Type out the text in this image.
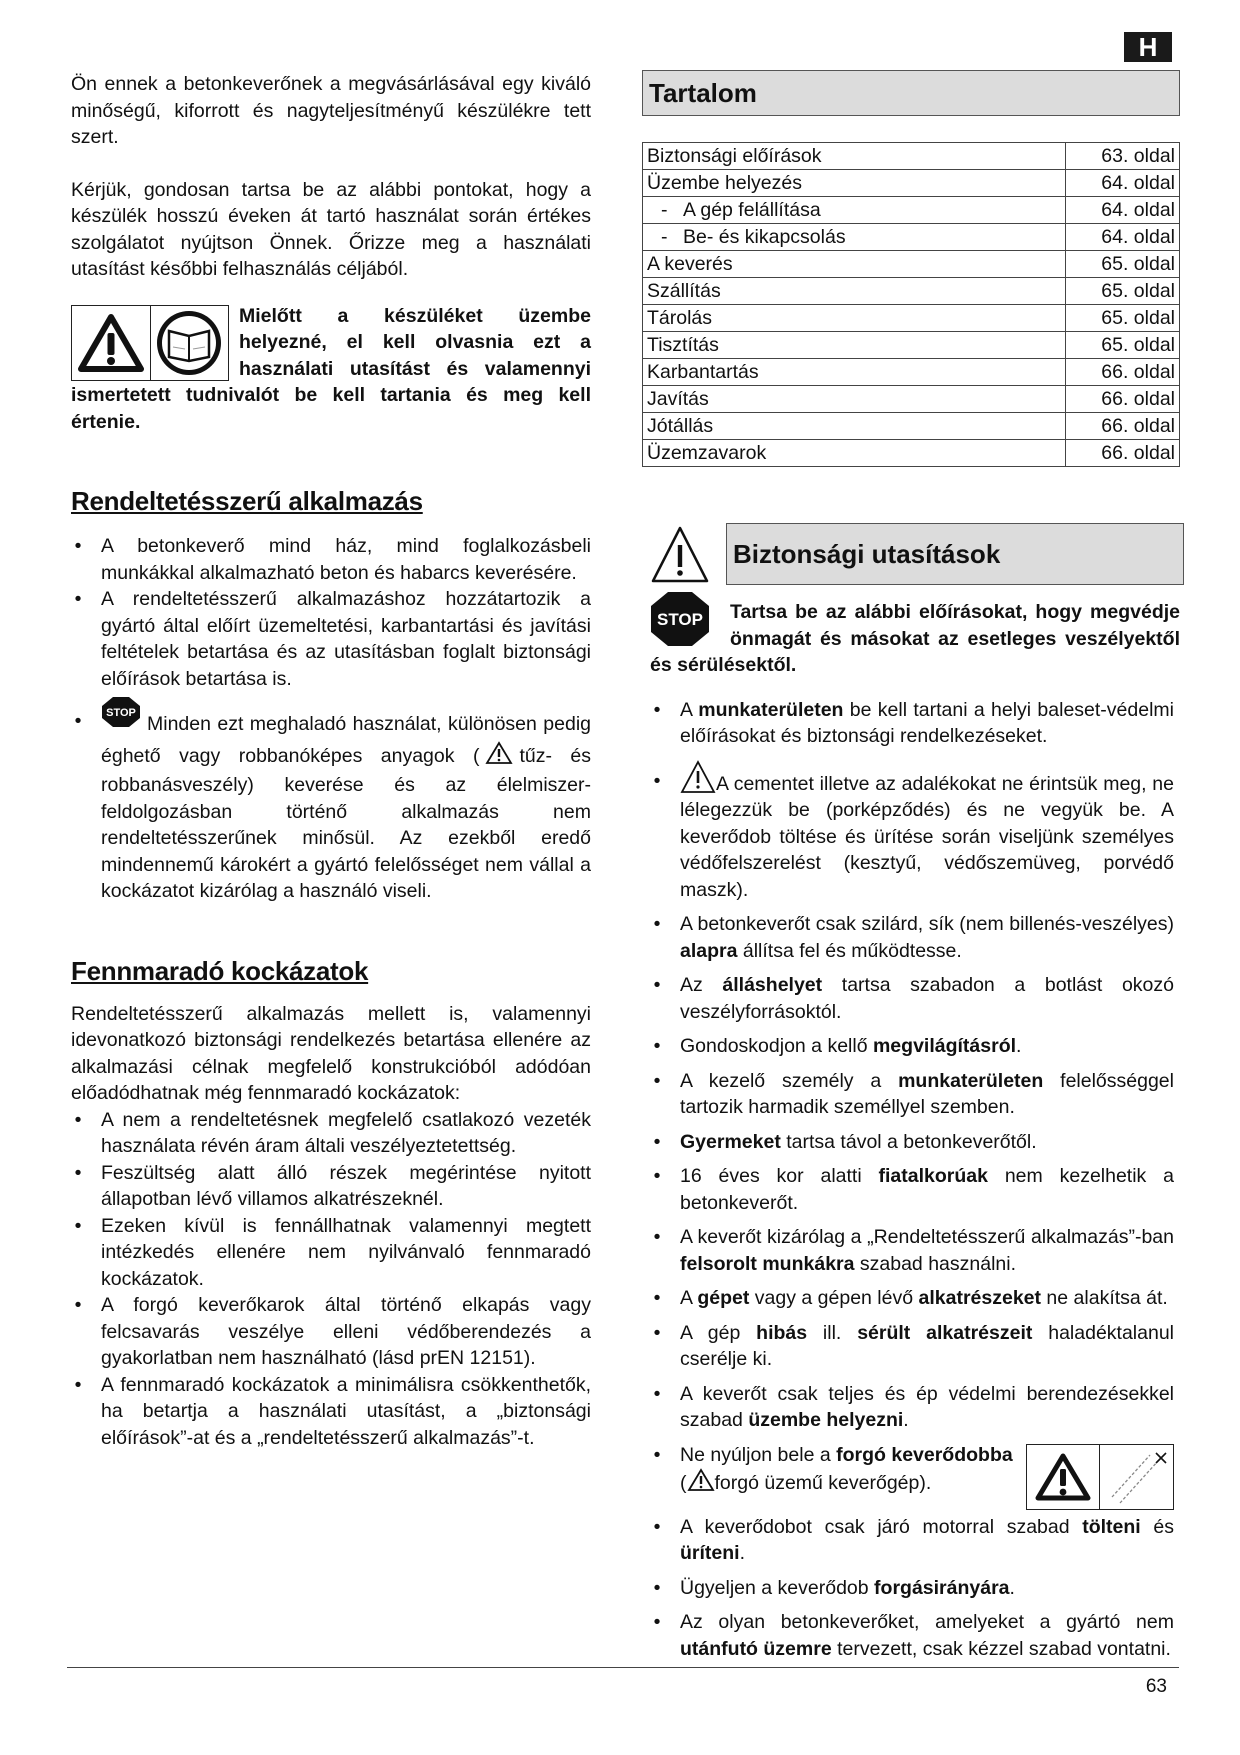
H

Ön ennek a betonkeverőnek a megvásárlásával egy kiváló minőségű, kiforrott és nagyteljesítményű készülékre tett szert.

Kérjük, gondosan tartsa be az alábbi pontokat, hogy a készülék hosszú éveken át tartó használat során értékes szolgálatot nyújtson Önnek. Őrizze meg a használati utasítást későbbi felhasználás céljából.

Mielőtt a készüléket üzembe helyezné, el kell olvasnia ezt a használati utasítást és valamennyi ismertetett tudnivalót be kell tartania és meg kell értenie.

Rendeltetésszerű alkalmazás
• A betonkeverő mind ház, mind foglalkozásbeli munkákkal alkalmazható beton és habarcs keverésére.
• A rendeltetésszerű alkalmazáshoz hozzátartozik a gyártó által előírt üzemeltetési, karbantartási és javítási feltételek betartása és az utasításban foglalt biztonsági előírások betartása is.
•	STOP Minden ezt meghaladó használat, különösen pedig éghető vagy robbanóképes anyagok ( tűz- és robbanásveszély) keverése és az élelmiszer-feldolgozásban történő alkalmazás nem rendeltetésszerűnek minősül. Az ezekből eredő mindennemű károkért a gyártó felelősséget nem vállal a kockázatot kizárólag a használó viseli.
Fennmaradó kockázatok

Rendeltetésszerű alkalmazás mellett is, valamennyi idevonatkozó biztonsági rendelkezés betartása ellenére az alkalmazási célnak megfelelő konstrukcióból adódóan előadódhatnak még fennmaradó kockázatok:

• A nem a rendeltetésnek megfelelő csatlakozó vezeték használata révén áram általi veszélyeztetettség.
• Feszültség alatt álló részek megérintése nyitott állapotban lévő villamos alkatrészeknél.
• Ezeken kívül is fennállhatnak valamennyi megtett intézkedés ellenére nem nyilvánvaló fennmaradó kockázatok.
• A forgó keverőkarok által történő elkapás vagy felcsavarás veszélye elleni védőberendezés a gyakorlatban nem használható (lásd prEN 12151).
• A fennmaradó kockázatok a minimálisra csökkenthetők, ha betartja a használati utasítást, a „biztonsági előírások”-at és a „rendeltetésszerű alkalmazás”-t.
Tartalom
Biztonsági előírások	63. oldal
Üzembe helyezés	64. oldal

- A gép felállítása	64. oldal

- Be- és kikapcsolás	64. oldal
A keverés	65. oldal
Szállítás	65. oldal
Tárolás	65. oldal
Tisztítás	65. oldal
Karbantartás	66. oldal
Javítás	66. oldal
Jótállás	66. oldal
Üzemzavarok	66. oldal
Biztonsági utasítások
STOP	Tartsa be az alábbi előírásokat, hogy megvédje önmagát és másokat az esetleges veszélyektől és sérülésektől.

• A munkaterületen be kell tartani a helyi baleset-védelmi előírásokat és biztonsági rendelkezéseket.
•	A cementet illetve az adalékokat ne érintsük meg, ne lélegezzük be (porképződés) és ne vegyük be. A keverődob töltése és ürítése során viseljünk személyes védőfelszerelést (kesztyű, védőszemüveg, porvédő maszk).
• A betonkeverőt csak szilárd, sík (nem billenés-veszélyes) alapra állítsa fel és működtesse.
• Az álláshelyet tartsa szabadon a botlást okozó veszélyforrásoktól.
• Gondoskodjon a kellő megvilágításról.
• A kezelő személy a munkaterületen felelősséggel tartozik harmadik személlyel szemben.
• Gyermeket tartsa távol a betonkeverőtől.
• 16 éves kor alatti fiatalkorúak nem kezelhetik a betonkeverőt.
• A keverőt kizárólag a „Rendeltetésszerű alkalmazás”-ban felsorolt munkákra szabad használni.
• A gépet vagy a gépen lévő alkatrészeket ne alakítsa át.
• A gép hibás ill. sérült alkatrészeit haladéktalanul cserélje ki.
• A keverőt csak teljes és ép védelmi berendezésekkel szabad üzembe helyezni.
• Ne nyúljon bele a forgó keverődobba
( forgó üzemű keverőgép).
• A keverődobot csak járó motorral szabad tölteni és üríteni.
• Ügyeljen a keverődob forgásirányára.
• Az olyan betonkeverőket, amelyeket a gyártó nem utánfutó üzemre tervezett, csak kézzel szabad vontatni.
63
